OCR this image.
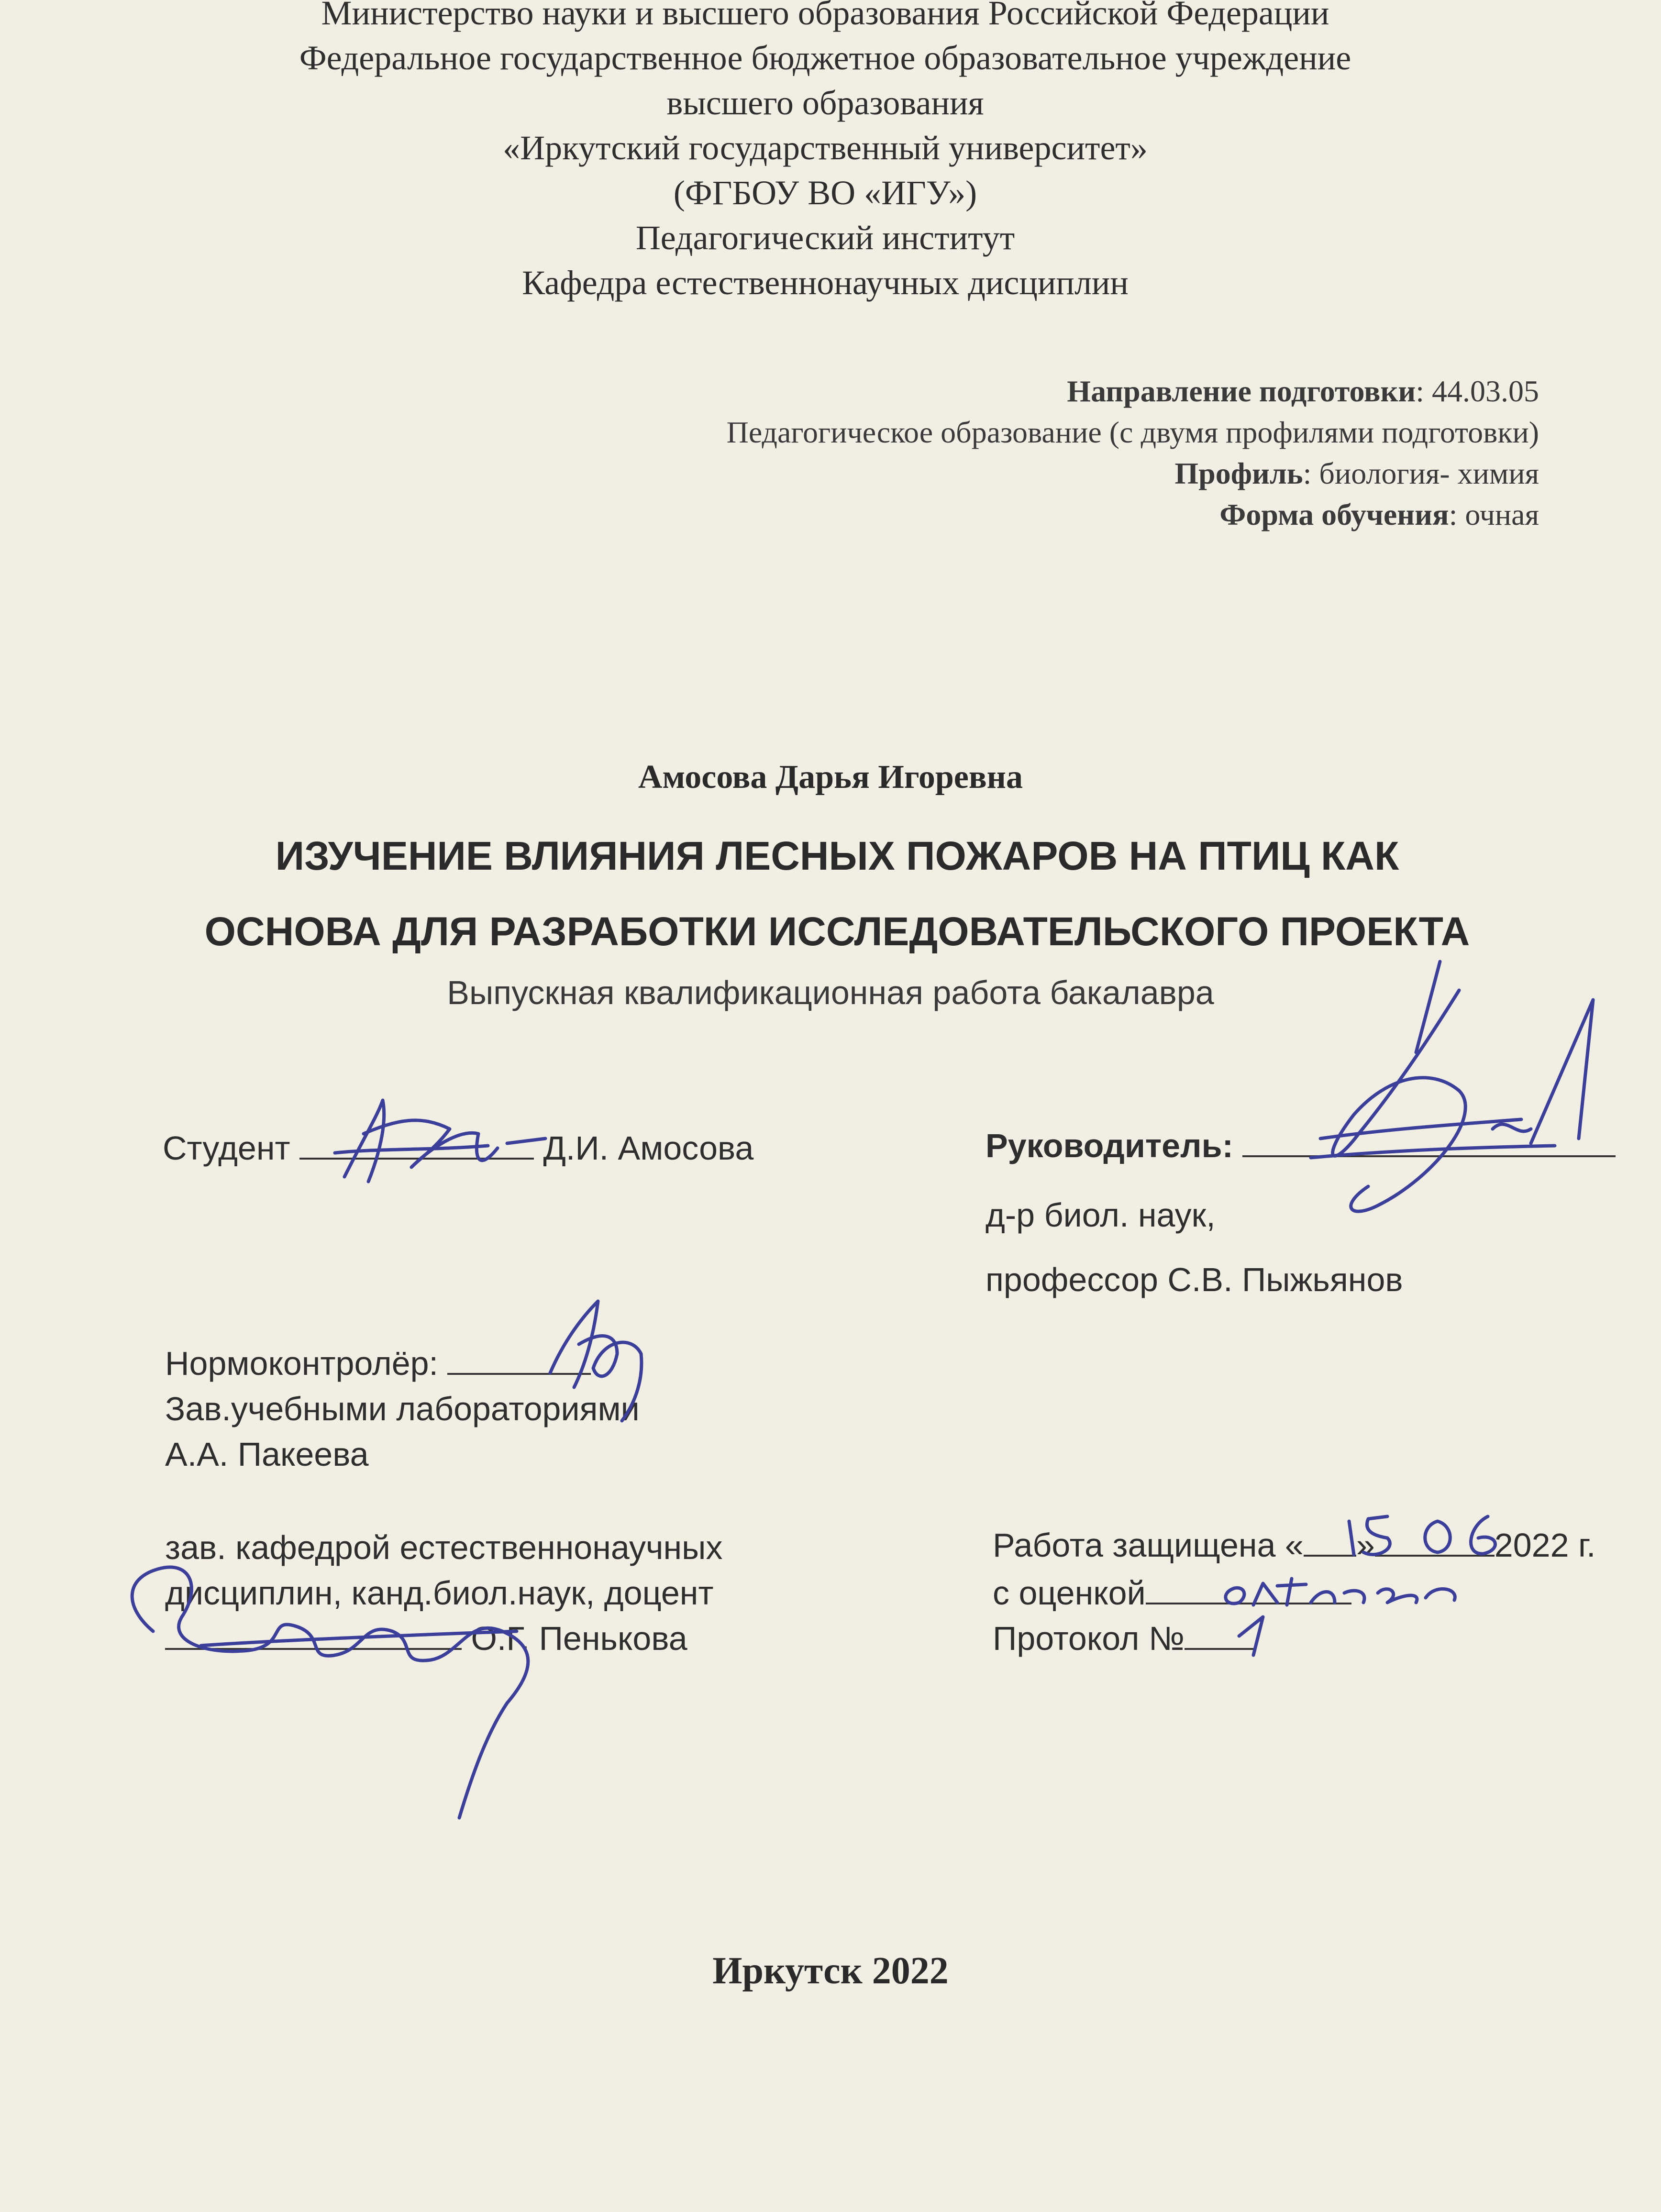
Министерство науки и высшего образования Российской Федерации
Федеральное государственное бюджетное образовательное учреждение
высшего образования
«Иркутский государственный университет»
(ФГБОУ ВО «ИГУ»)
Педагогический институт
Кафедра естественнонаучных дисциплин
Направление подготовки: 44.03.05
Педагогическое образование (с двумя профилями подготовки)
Профиль: биология- химия
Форма обучения: очная
Амосова Дарья Игоревна
ИЗУЧЕНИЕ ВЛИЯНИЯ ЛЕСНЫХ ПОЖАРОВ НА ПТИЦ КАК
ОСНОВА ДЛЯ РАЗРАБОТКИ ИССЛЕДОВАТЕЛЬСКОГО ПРОЕКТА
Выпускная квалификационная работа бакалавра
Студент	Д.И. Амосова	Руководитель:
д-р биол. наук,
профессор С.В. Пыжьянов
Нормоконтролёр:
Зав.учебными лабораториями
А.А. Пакеева
зав. кафедрой естественнонаучных
дисциплин, канд.биол.наук, доцент
О.Г. Пенькова
Работа защищена « »	2022 г.
с оценкой
Протокол №
Иркутск 2022
